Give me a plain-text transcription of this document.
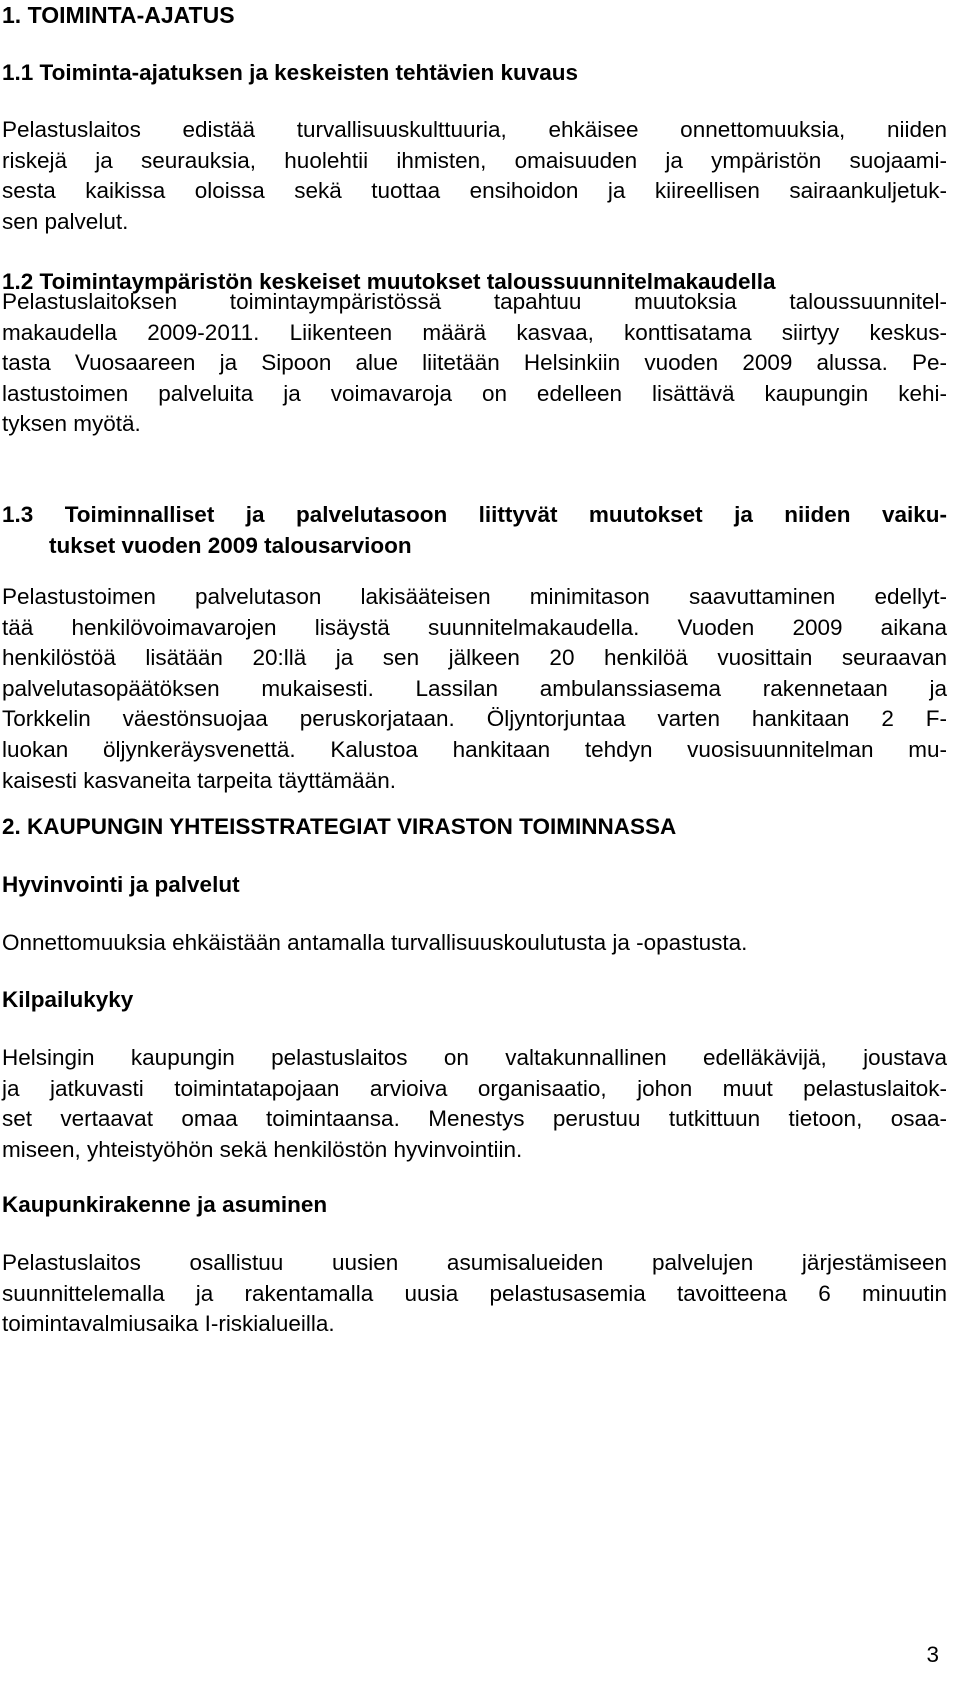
1. TOIMINTA-AJATUS
1.1 Toiminta-ajatuksen ja keskeisten tehtävien kuvaus
Pelastuslaitos edistää turvallisuuskulttuuria, ehkäisee onnettomuuksia, niiden
riskejä ja seurauksia, huolehtii ihmisten, omaisuuden ja ympäristön suojaami-
sesta kaikissa oloissa sekä tuottaa ensihoidon ja kiireellisen sairaankuljetuk-
sen palvelut.
1.2 Toimintaympäristön keskeiset muutokset taloussuunnitelmakaudella
Pelastuslaitoksen toimintaympäristössä tapahtuu muutoksia taloussuunnitel-
makaudella 2009-2011. Liikenteen määrä kasvaa, konttisatama siirtyy keskus-
tasta Vuosaareen ja Sipoon alue liitetään Helsinkiin vuoden 2009 alussa. Pe-
lastustoimen palveluita ja voimavaroja on edelleen lisättävä kaupungin kehi-
tyksen myötä.
1.3 Toiminnalliset ja palvelutasoon liittyvät muutokset ja niiden vaiku-
tukset vuoden 2009 talousarvioon
Pelastustoimen palvelutason lakisääteisen minimitason saavuttaminen edellyt-
tää henkilövoimavarojen lisäystä suunnitelmakaudella. Vuoden 2009 aikana
henkilöstöä lisätään 20:llä ja sen jälkeen 20 henkilöä vuosittain seuraavan
palvelutasopäätöksen mukaisesti. Lassilan ambulanssiasema rakennetaan ja
Torkkelin väestönsuojaa peruskorjataan. Öljyntorjuntaa varten hankitaan 2 F-
luokan öljynkeräysvenettä. Kalustoa hankitaan tehdyn vuosisuunnitelman mu-
kaisesti kasvaneita tarpeita täyttämään.
2. KAUPUNGIN YHTEISSTRATEGIAT VIRASTON TOIMINNASSA
Hyvinvointi ja palvelut
Onnettomuuksia ehkäistään antamalla turvallisuuskoulutusta ja -opastusta.
Kilpailukyky
Helsingin kaupungin pelastuslaitos on valtakunnallinen edelläkävijä, joustava
ja jatkuvasti toimintatapojaan arvioiva organisaatio, johon muut pelastuslaitok-
set vertaavat omaa toimintaansa. Menestys perustuu tutkittuun tietoon, osaa-
miseen, yhteistyöhön sekä henkilöstön hyvinvointiin.
Kaupunkirakenne ja asuminen
Pelastuslaitos osallistuu uusien asumisalueiden palvelujen järjestämiseen
suunnittelemalla ja rakentamalla uusia pelastusasemia tavoitteena 6 minuutin
toimintavalmiusaika I-riskialueilla.
3
